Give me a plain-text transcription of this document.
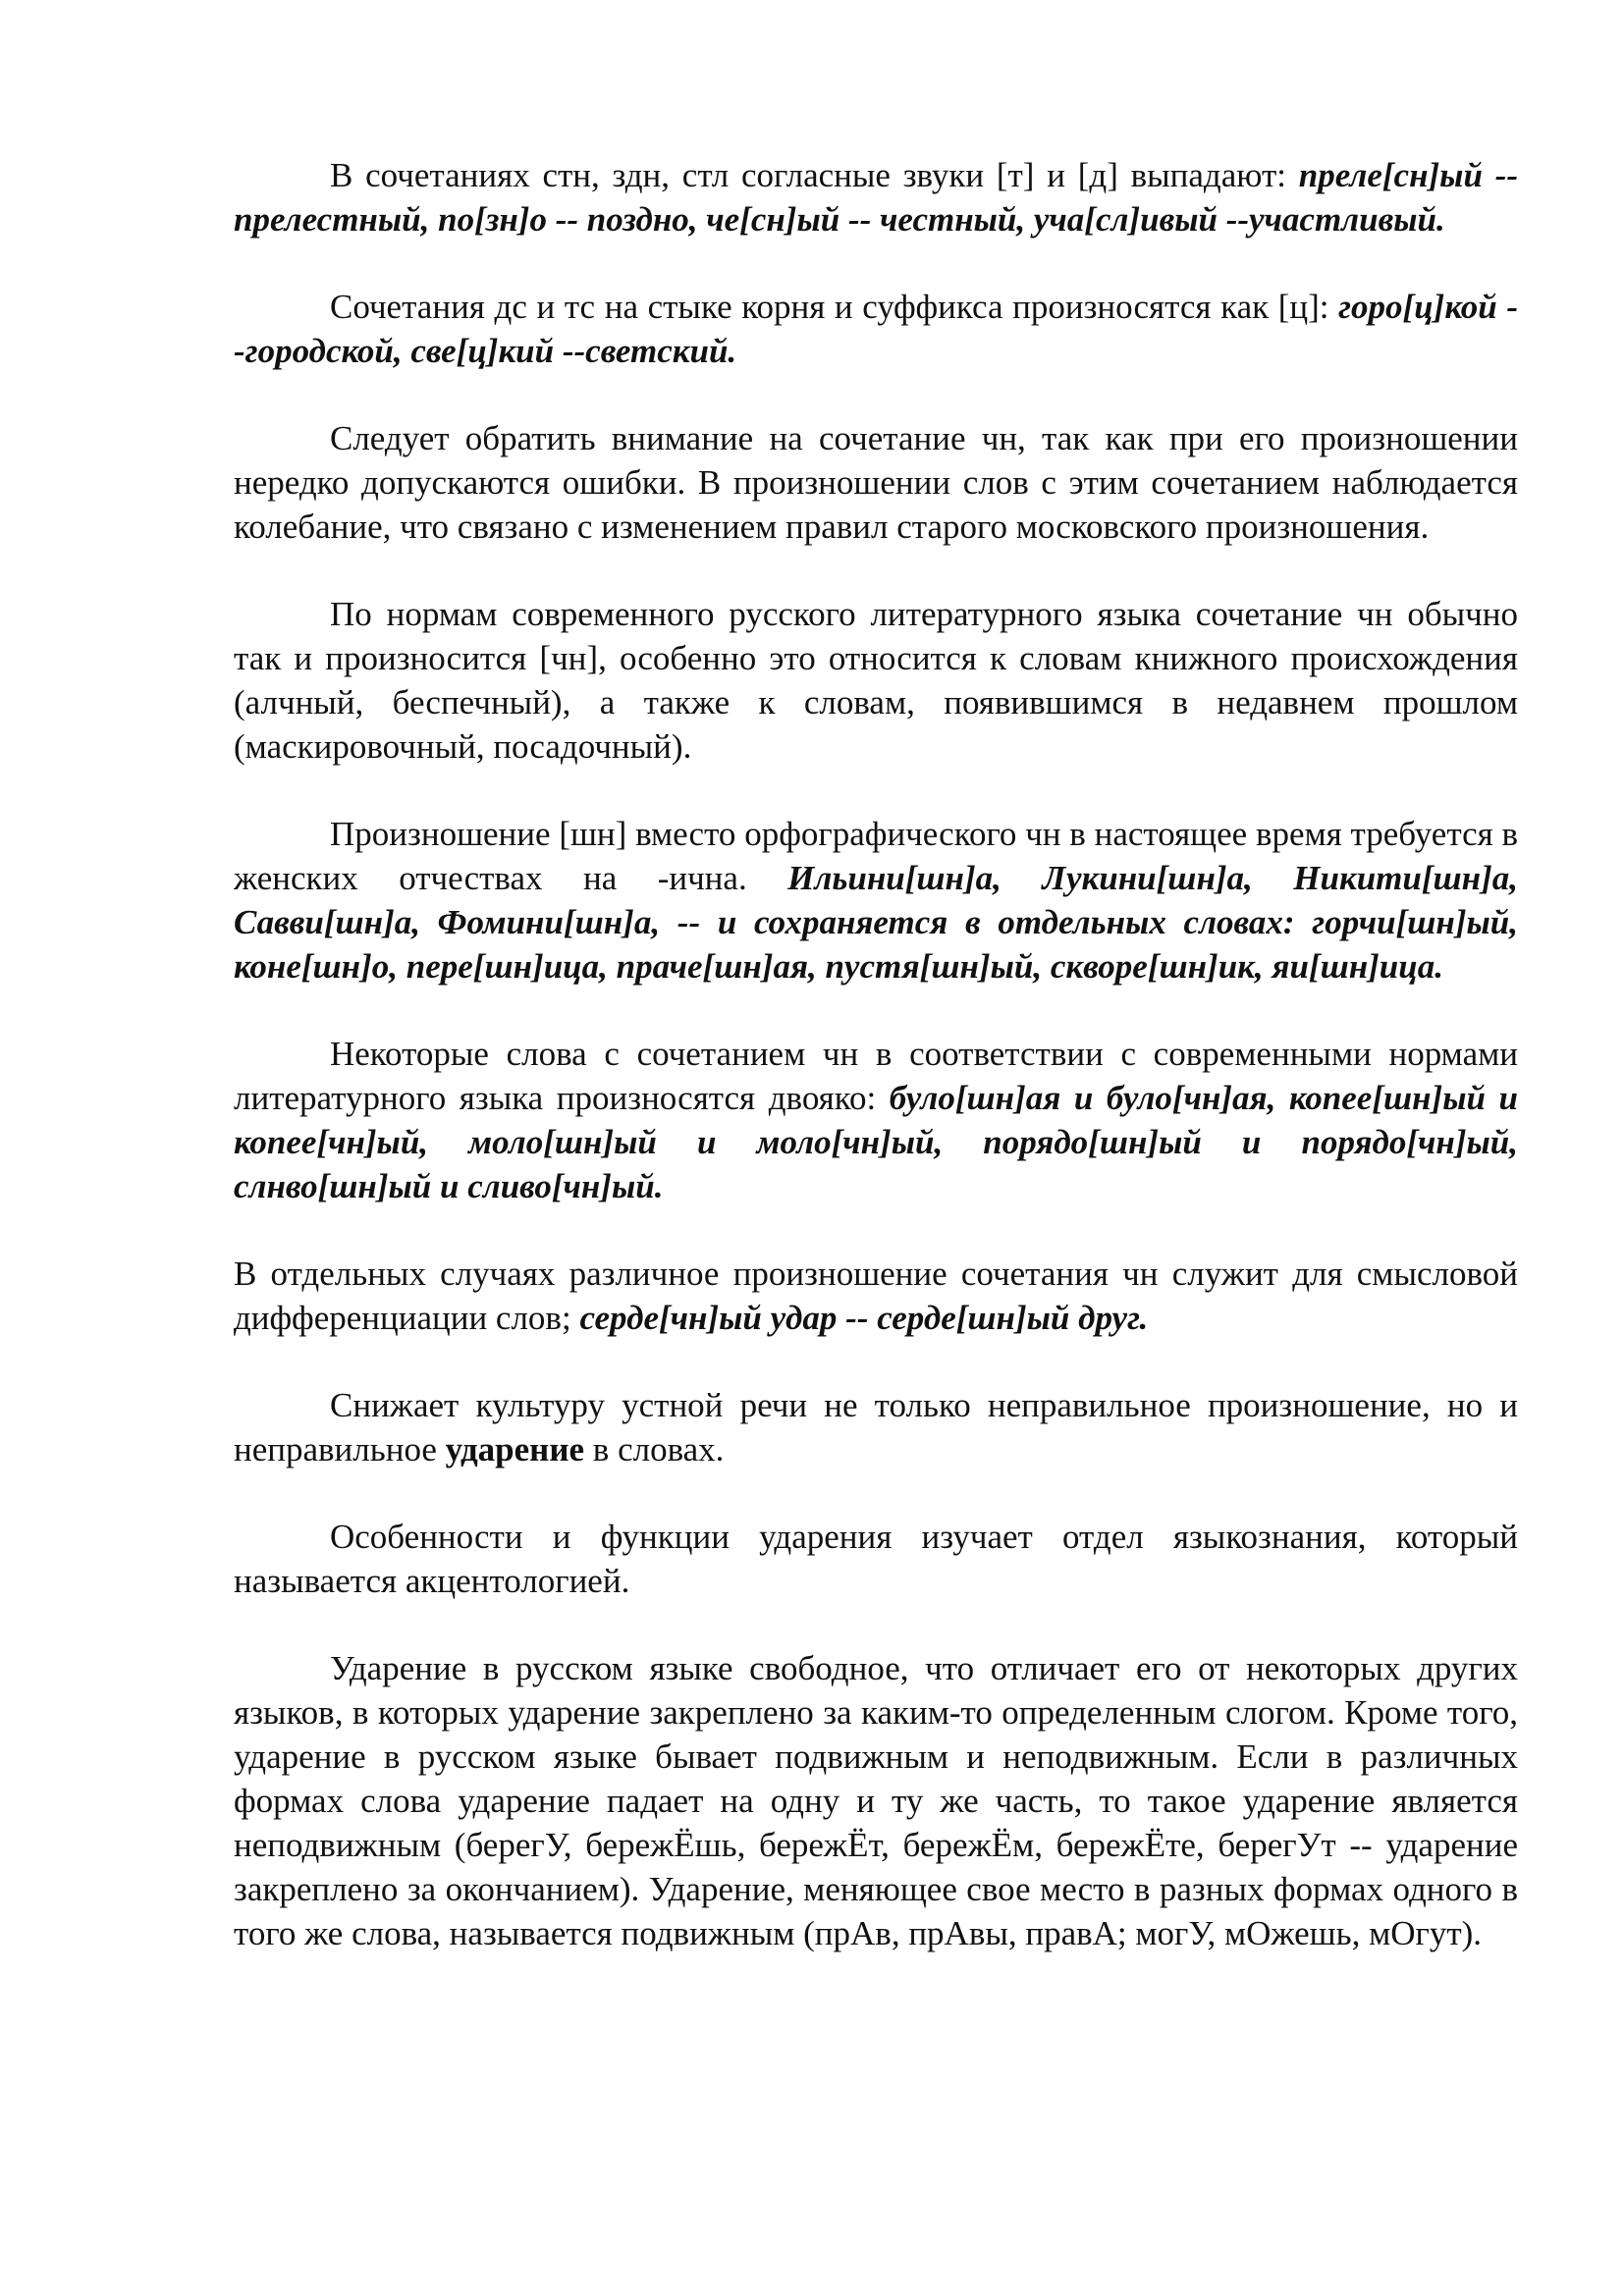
В сочетаниях стн, здн, стл согласные звуки [т] и [д] выпадают: преле[сн]ый -- прелестный, по[зн]о -- поздно, че[сн]ый -- честный, уча[сл]ивый --участливый.

Сочетания дс и тс на стыке корня и суффикса произносятся как [ц]: горо[ц]кой --городской, све[ц]кий --светский.

Следует обратить внимание на сочетание чн, так как при его произношении нередко допускаются ошибки. В произношении слов с этим сочетанием наблюдается колебание, что связано с изменением правил старого московского произношения.

По нормам современного русского литературного языка сочетание чн обычно так и произносится [чн], особенно это относится к словам книжного происхождения (алчный, беспечный), а также к словам, появившимся в недавнем прошлом (маскировочный, посадочный).

Произношение [шн] вместо орфографического чн в настоящее время требуется в женских отчествах на -ична. Ильини[шн]а, Лукини[шн]а, Никити[шн]а, Савви[шн]а, Фомини[шн]а, -- и сохраняется в отдельных словах: горчи[шн]ый, коне[шн]о, пере[шн]ица, праче[шн]ая, пустя[шн]ый, скворе[шн]ик, яи[шн]ица.

Некоторые слова с сочетанием чн в соответствии с современными нормами литературного языка произносятся двояко: було[шн]ая и було[чн]ая, копее[шн]ый и копее[чн]ый, моло[шн]ый и моло[чн]ый, порядо[шн]ый и порядо[чн]ый, слнво[шн]ый и сливо[чн]ый.

В отдельных случаях различное произношение сочетания чн служит для смысловой дифференциации слов; серде[чн]ый удар -- серде[шн]ый друг.

Снижает культуру устной речи не только неправильное произношение, но и неправильное ударение в словах.

Особенности и функции ударения изучает отдел языкознания, который называется акцентологией.

Ударение в русском языке свободное, что отличает его от некоторых других языков, в которых ударение закреплено за каким-то определенным слогом. Кроме того, ударение в русском языке бывает подвижным и неподвижным. Если в различных формах слова ударение падает на одну и ту же часть, то такое ударение является неподвижным (берегУ, бережЁшь, бережЁт, бережЁм, бережЁте, берегУт -- ударение закреплено за окончанием). Ударение, меняющее свое место в разных формах одного в того же слова, называется подвижным (прАв, прАвы, правА; могУ, мОжешь, мОгут).
